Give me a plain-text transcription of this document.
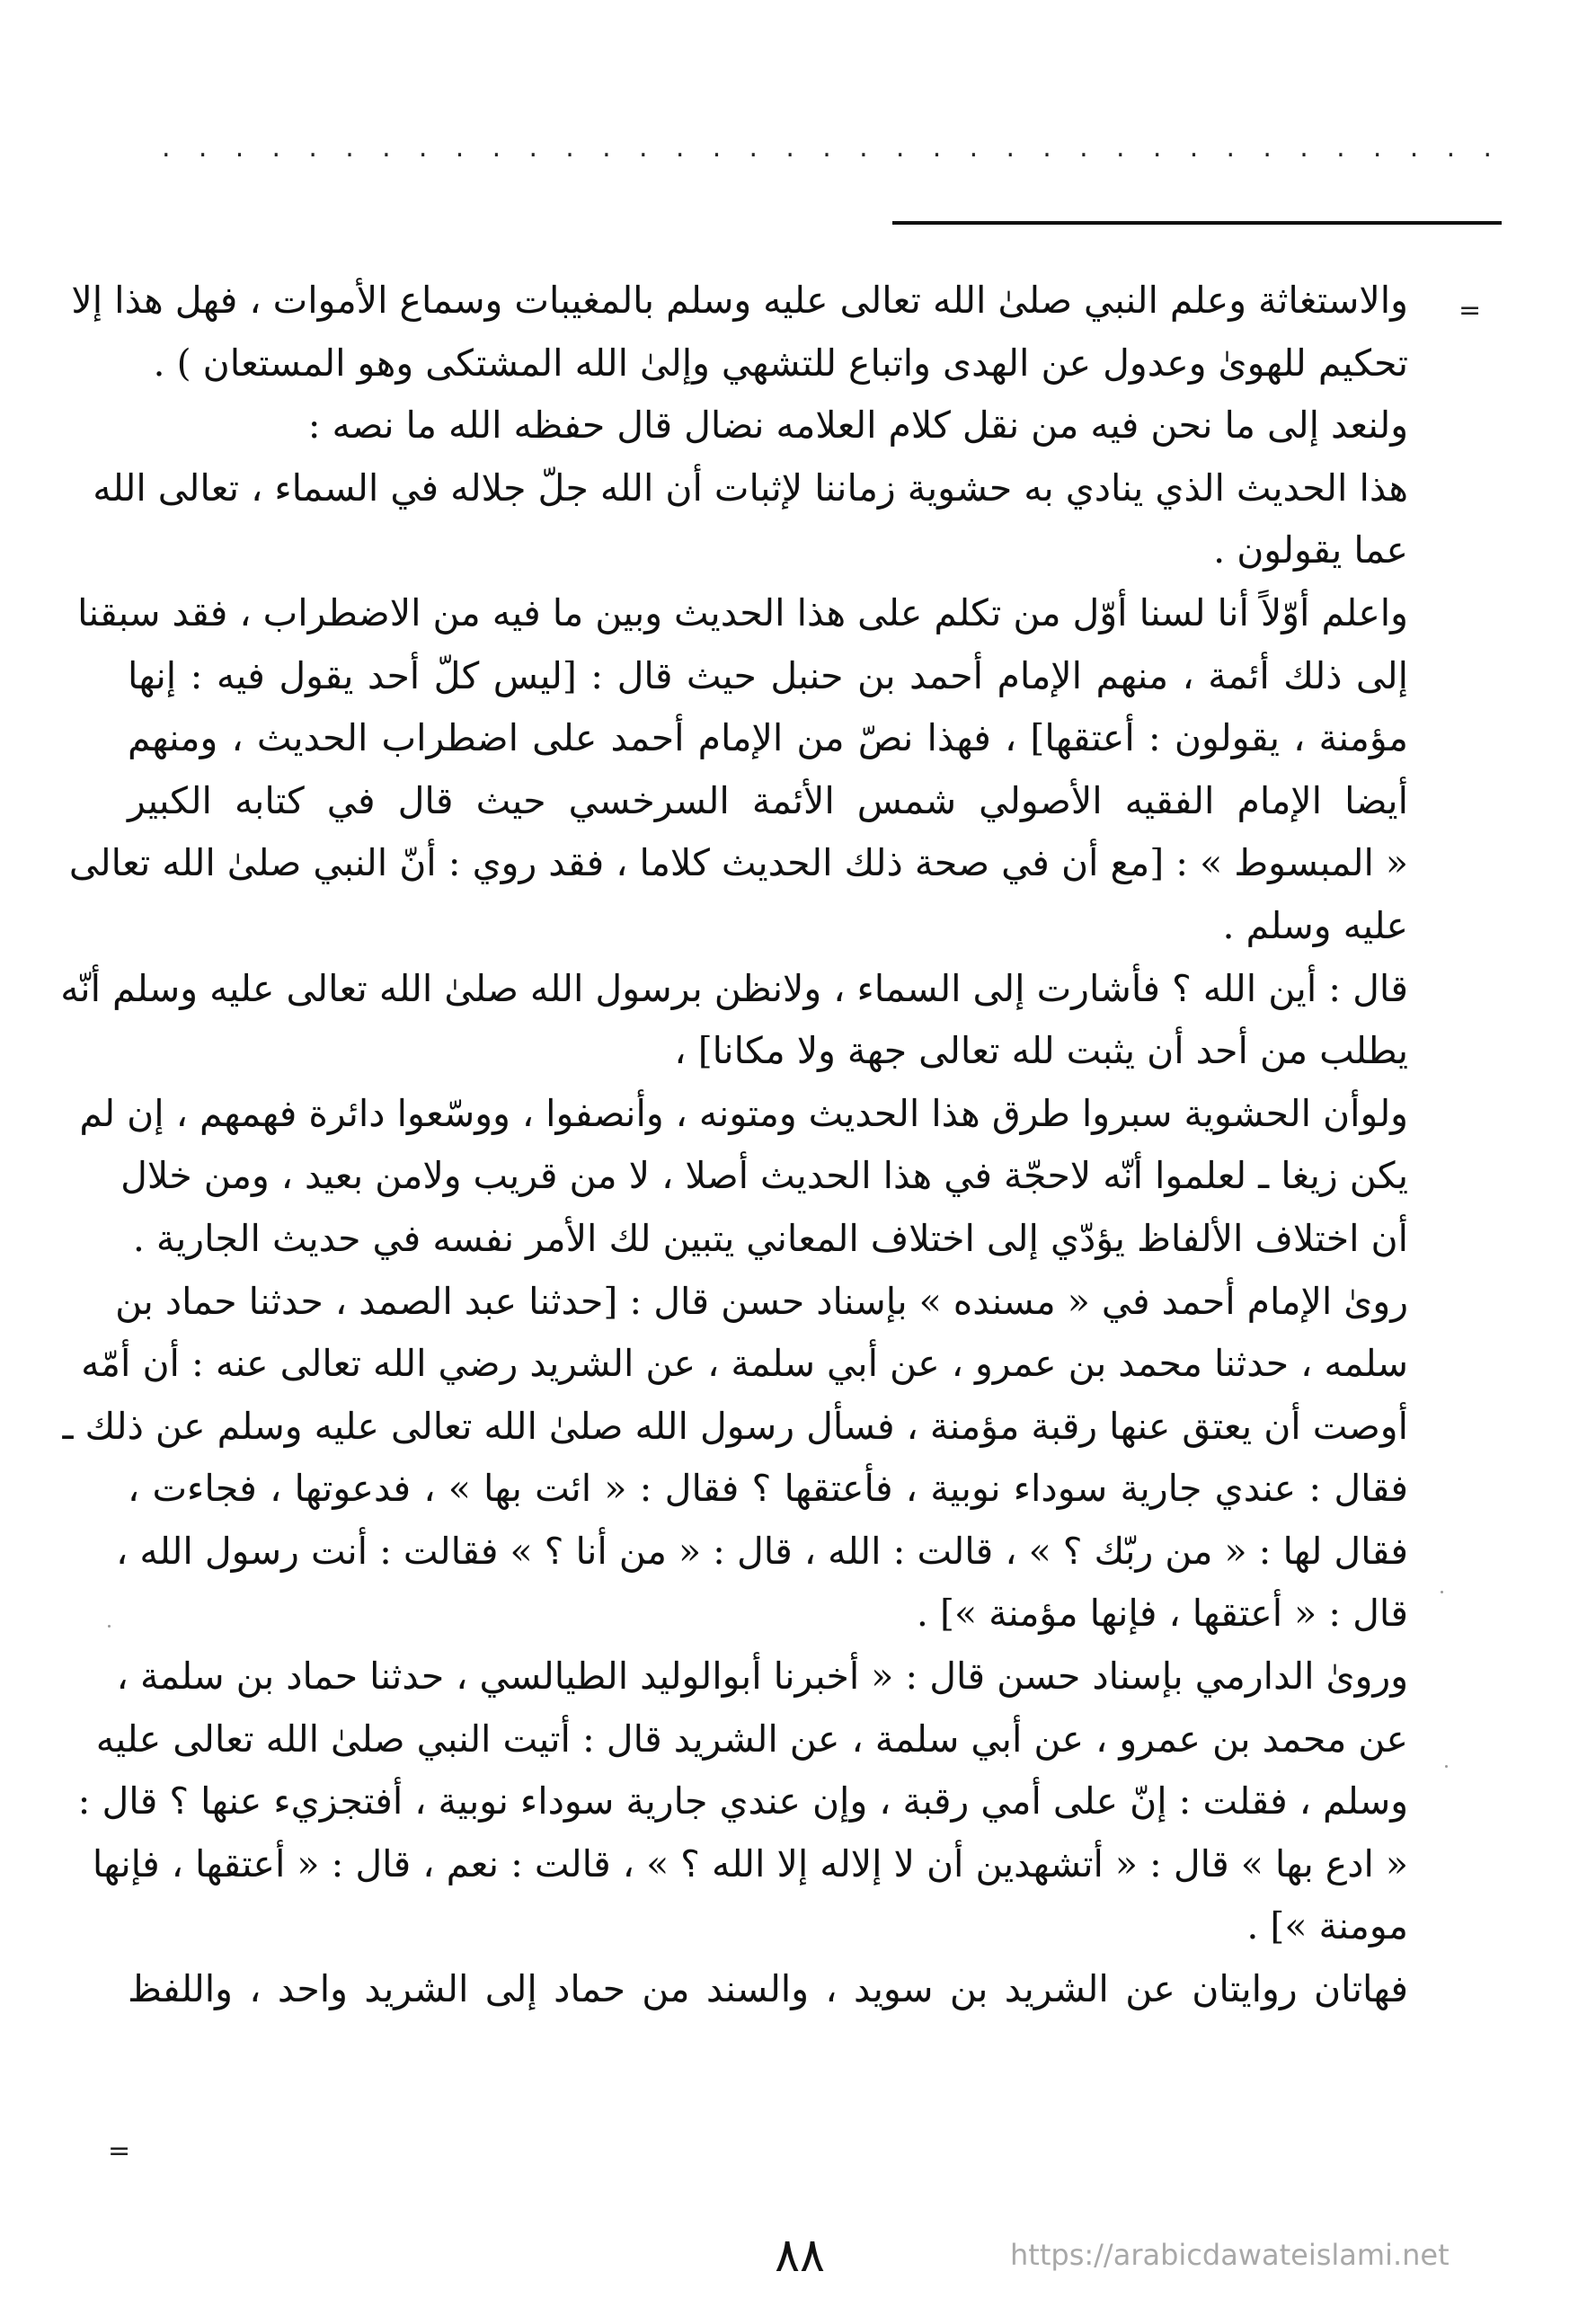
. . . . . . . . . . . . . . . . . . . . . . . . . . . . . . . . . . . . .
=
والاستغاثة وعلم النبي صلىٰ الله تعالى عليه وسلم بالمغيبات وسماع الأموات ، فهل هذا إلا
تحكيم للهوىٰ وعدول عن الهدى واتباع للتشهي وإلىٰ الله المشتكى وهو المستعان ) .
ولنعد إلى ما نحن فيه من نقل كلام العلامه نضال قال حفظه الله ما نصه :
هذا الحديث الذي ينادي به حشوية زماننا لإثبات أن الله جلّ جلاله في السماء ، تعالى الله
عما يقولون .
واعلم أوّلاً أنا لسنا أوّل من تكلم على هذا الحديث وبين ما فيه من الاضطراب ، فقد سبقنا
إلى ذلك أئمة ، منهم الإمام أحمد بن حنبل حيث قال : [ليس كلّ أحد يقول فيه : إنها
مؤمنة ، يقولون : أعتقها] ، فهذا نصّ من الإمام أحمد على اضطراب الحديث ، ومنهم
أيضا الإمام الفقيه الأصولي شمس الأئمة السرخسي حيث قال في كتابه الكبير
« المبسوط » : [مع أن في صحة ذلك الحديث كلاما ، فقد روي : أنّ النبي صلىٰ الله تعالى
عليه وسلم .
قال : أين الله ؟ فأشارت إلى السماء ، ولانظن برسول الله صلىٰ الله تعالى عليه وسلم أنّه
يطلب من أحد أن يثبت لله تعالى جهة ولا مكانا] ،
ولوأن الحشوية سبروا طرق هذا الحديث ومتونه ، وأنصفوا ، ووسّعوا دائرة فهمهم ، إن لم
يكن زيغا ـ لعلموا أنّه لاحجّة في هذا الحديث أصلا ، لا من قريب ولامن بعيد ، ومن خلال
أن اختلاف الألفاظ يؤدّي إلى اختلاف المعاني يتبين لك الأمر نفسه في حديث الجارية .
روىٰ الإمام أحمد في « مسنده » بإسناد حسن قال : [حدثنا عبد الصمد ، حدثنا حماد بن
سلمه ، حدثنا محمد بن عمرو ، عن أبي سلمة ، عن الشريد رضي الله تعالى عنه : أن أمّه
أوصت أن يعتق عنها رقبة مؤمنة ، فسأل رسول الله صلىٰ الله تعالى عليه وسلم عن ذلك ـ
فقال : عندي جارية سوداء نوبية ، فأعتقها ؟ فقال : « ائت بها » ، فدعوتها ، فجاءت ،
فقال لها : « من ربّك ؟ » ، قالت : الله ، قال : « من أنا ؟ » فقالت : أنت رسول الله ،
قال : « أعتقها ، فإنها مؤمنة »] .
وروىٰ الدارمي بإسناد حسن قال : « أخبرنا أبوالوليد الطيالسي ، حدثنا حماد بن سلمة ،
عن محمد بن عمرو ، عن أبي سلمة ، عن الشريد قال : أتيت النبي صلىٰ الله تعالى عليه
وسلم ، فقلت : إنّ على أمي رقبة ، وإن عندي جارية سوداء نوبية ، أفتجزيء عنها ؟ قال :
« ادع بها » قال : « أتشهدين أن لا إلاله إلا الله ؟ » ، قالت : نعم ، قال : « أعتقها ، فإنها
مومنة »] .
فهاتان روايتان عن الشريد بن سويد ، والسند من حماد إلى الشريد واحد ، واللفظ
=
٨٨	https://arabicdawateislami.net
